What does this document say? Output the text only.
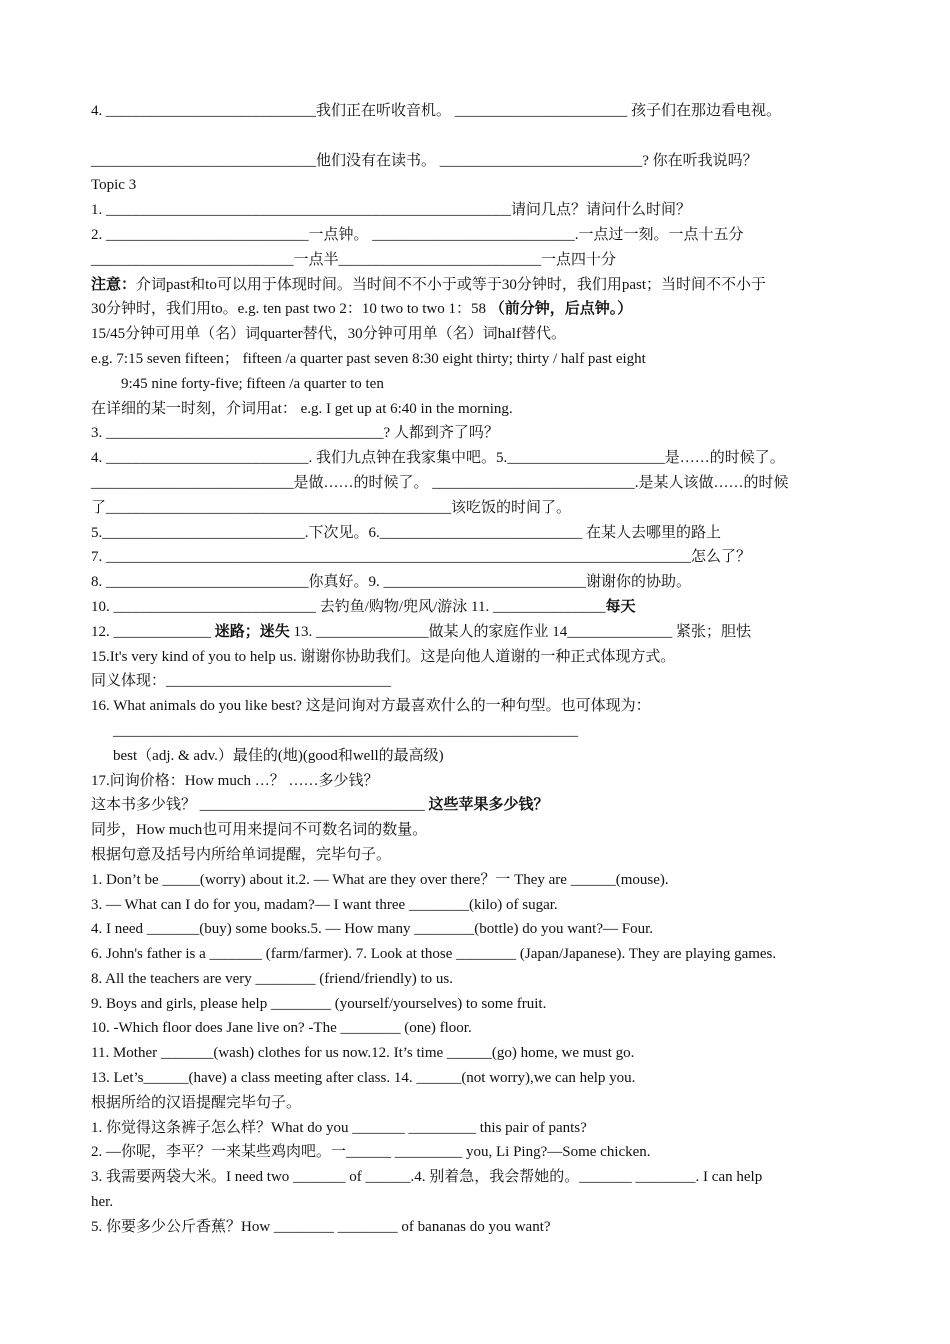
4. ____________________________我们正在听收音机。 _______________________ 孩子们在那边看电视。
______________________________他们没有在读书。 ___________________________? 你在听我说吗？
Topic 3
1. ______________________________________________________请问几点？请问什么时间？
2. ___________________________一点钟。 ___________________________.一点过一刻。一点十五分
___________________________一点半___________________________一点四十分
注意：介词past和to可以用于体现时间。当时间不不小于或等于30分钟时，我们用past；当时间不不小于
30分钟时，我们用to。e.g. ten past two 2：10 two to two 1：58 （前分钟，后点钟。）
15/45分钟可用单（名）词quarter替代，30分钟可用单（名）词half替代。
e.g. 7:15 seven fifteen； fifteen /a quarter past seven 8:30 eight thirty; thirty / half past eight
9:45 nine forty-five; fifteen /a quarter to ten
在详细的某一时刻，介词用at： e.g. I get up at 6:40 in the morning.
3. _____________________________________? 人都到齐了吗？
4. ___________________________. 我们九点钟在我家集中吧。5._____________________是……的时候了。
___________________________是做……的时候了。 ___________________________.是某人该做……的时候
了______________________________________________该吃饭的时间了。
5.___________________________.下次见。6.___________________________ 在某人去哪里的路上
7. ______________________________________________________________________________怎么了？
8. ___________________________你真好。9. ___________________________谢谢你的协助。
10. ___________________________ 去钓鱼/购物/兜风/游泳 11. _______________每天
12. _____________ 迷路；迷失 13. _______________做某人的家庭作业 14______________ 紧张；胆怯
15.It's very kind of you to help us. 谢谢你协助我们。这是向他人道谢的一种正式体现方式。
同义体现：______________________________
16. What animals do you like best? 这是问询对方最喜欢什么的一种句型。也可体现为：
______________________________________________________________
best（adj. & adv.）最佳的(地)(good和well的最高级)
17.问询价格：How much …？ ……多少钱？
这本书多少钱？ ______________________________ 这些苹果多少钱？
同步，How much也可用来提问不可数名词的数量。
根据句意及括号内所给单词提醒，完毕句子。
1. Don’t be _____(worry) about it.2. — What are they over there？一 They are ______(mouse).
3. — What can I do for you, madam?— I want three ________(kilo) of sugar.
4. I need _______(buy) some books.5. — How many ________(bottle) do you want?— Four.
6. John's father is a _______ (farm/farmer). 7. Look at those ________ (Japan/Japanese). They are playing games.
8. All the teachers are very ________ (friend/friendly) to us.
9. Boys and girls, please help ________ (yourself/yourselves) to some fruit.
10. -Which floor does Jane live on? -The ________ (one) floor.
11. Mother _______(wash) clothes for us now.12. It’s time ______(go) home, we must go.
13. Let’s______(have) a class meeting after class. 14. ______(not worry),we can help you.
根据所给的汉语提醒完毕句子。
1. 你觉得这条裤子怎么样？What do you _______ _________ this pair of pants?
2. —你呢，李平？一来某些鸡肉吧。一______ _________ you, Li Ping?—Some chicken.
3. 我需要两袋大米。I need two _______ of ______.4. 别着急，我会帮她的。_______ ________. I can help
her.
5. 你要多少公斤香蕉？How ________ ________ of bananas do you want?
